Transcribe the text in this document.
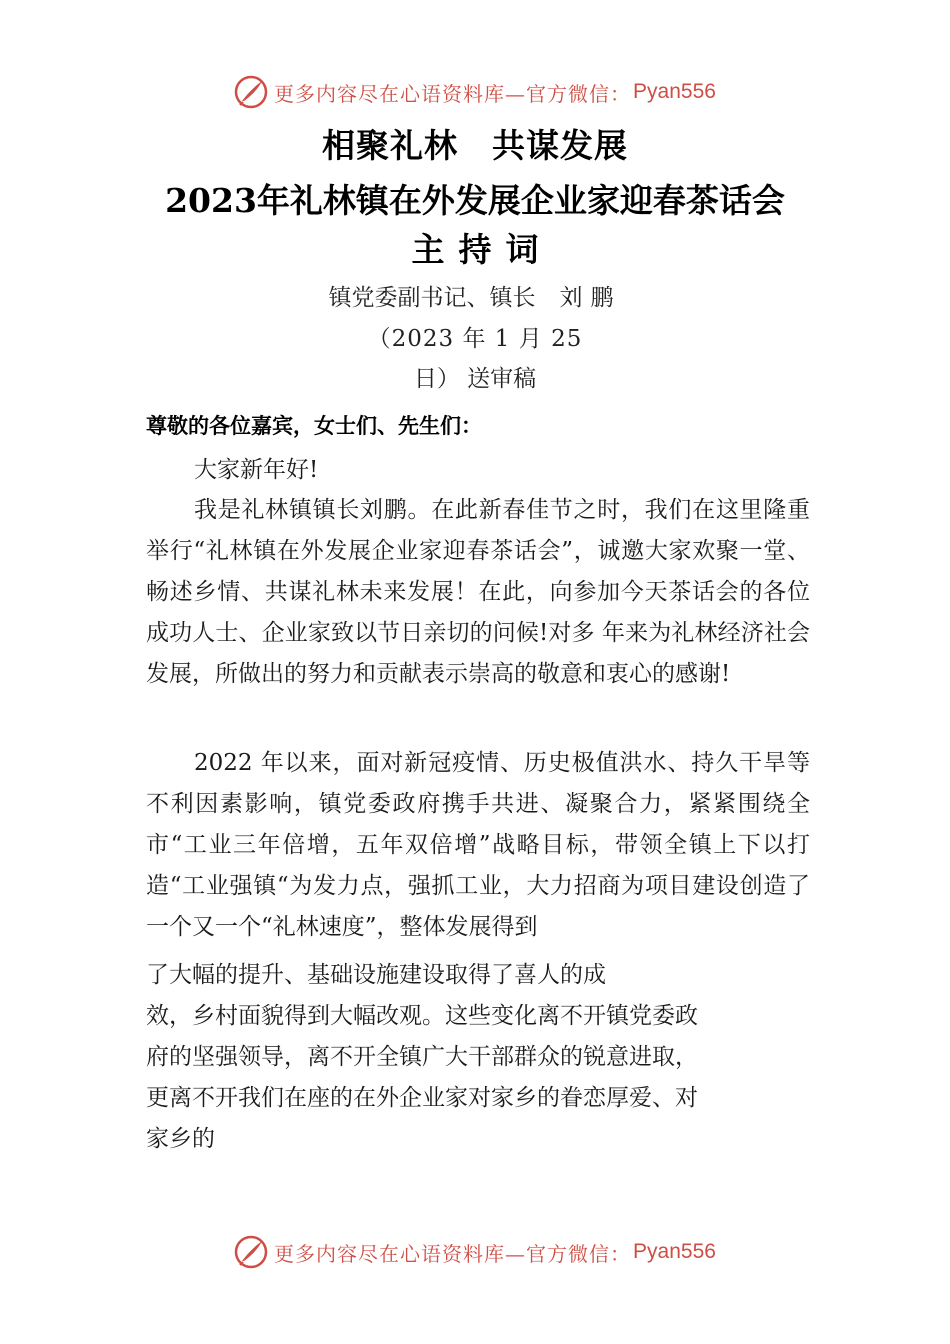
更多内容尽在心语资料库—官方微信： Pyan556
相聚礼林 共谋发展
2023年礼林镇在外发展企业家迎春茶话会
主持词
镇党委副书记、镇长 刘鹏
（2023 年 1 月 25
日） 送审稿
尊敬的各位嘉宾，女士们、先生们：
大家新年好!
我是礼林镇镇长刘鹏。在此新春佳节之时，我们在这里隆重举行“礼林镇在外发展企业家迎春茶话会”，诚邀大家欢聚一堂、畅述乡情、共谋礼林未来发展！在此，向参加今天茶话会的各位成功人士、企业家致以节日亲切的问候!对多 年来为礼林经济社会发展，所做出的努力和贡献表示崇高的敬意和衷心的感谢!
2022 年以来，面对新冠疫情、历史极值洪水、持久干旱等不利因素影响，镇党委政府携手共进、凝聚合力，紧紧围绕全市“工业三年倍增，五年双倍增”战略目标，带领全镇上下以打造“工业强镇“为发力点，强抓工业，大力招商为项目建设创造了一个又一个“礼林速度”，整体发展得到
了大幅的提升、基础设施建设取得了喜人的成
效，乡村面貌得到大幅改观。这些变化离不开镇党委政
府的坚强领导，离不开全镇广大干部群众的锐意进取，
更离不开我们在座的在外企业家对家乡的眷恋厚爱、对
家乡的
更多内容尽在心语资料库—官方微信： Pyan556
